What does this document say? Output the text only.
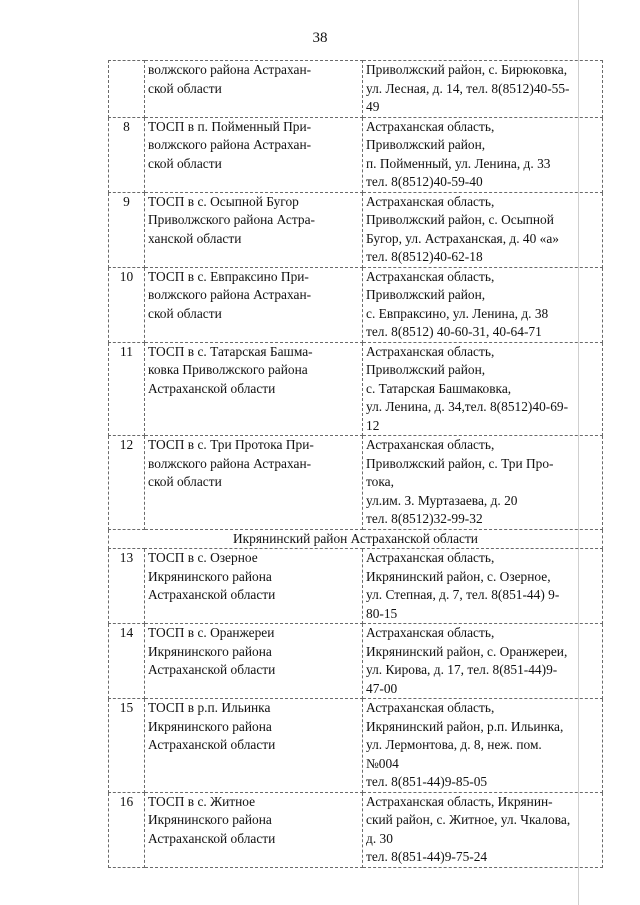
38

	волжского района Астрахан-
ской области	Приволжский район, с. Бирюковка,
ул. Лесная, д. 14, тел. 8(8512)40-55-
49

8	ТОСП в п. Пойменный При-
волжского района Астрахан-
ской области	Астраханская область,
Приволжский район,
п. Пойменный, ул. Ленина, д. 33
тел. 8(8512)40-59-40

9	ТОСП в с. Осыпной Бугор
Приволжского района Астра-
ханской области	Астраханская область,
Приволжский район, с. Осыпной
Бугор, ул. Астраханская, д. 40 «а»
тел. 8(8512)40-62-18

10	ТОСП в с. Евпраксино При-
волжского района Астрахан-
ской области	Астраханская область,
Приволжский район,
с. Евпраксино, ул. Ленина, д. 38
тел. 8(8512) 40-60-31, 40-64-71

11	ТОСП в с. Татарская Башма-
ковка Приволжского района
Астраханской области	Астраханская область,
Приволжский район,
с. Татарская Башмаковка,
ул. Ленина, д. 34,тел. 8(8512)40-69-
12

12	ТОСП в с. Три Протока При-
волжского района Астрахан-
ской области	Астраханская область,
Приволжский район, с. Три Про-
тока,
ул.им. З. Муртазаева, д. 20
тел. 8(8512)32-99-32

Икрянинский район Астраханской области		
13	ТОСП в с. Озерное
Икрянинского района
Астраханской области	Астраханская область,
Икрянинский район, с. Озерное,
ул. Степная, д. 7, тел. 8(851-44) 9-
80-15

14	ТОСП в с. Оранжереи
Икрянинского района
Астраханской области	Астраханская область,
Икрянинский район, с. Оранжереи,
ул. Кирова, д. 17, тел. 8(851-44)9-
47-00

15	ТОСП в р.п. Ильинка
Икрянинского района
Астраханской области	Астраханская область,
Икрянинский район, р.п. Ильинка,
ул. Лермонтова, д. 8, неж. пом.
№004
тел. 8(851-44)9-85-05

16	ТОСП в с. Житное
Икрянинского района
Астраханской области	Астраханская область, Икрянин-
ский район, с. Житное, ул. Чкалова,
д. 30
тел. 8(851-44)9-75-24
